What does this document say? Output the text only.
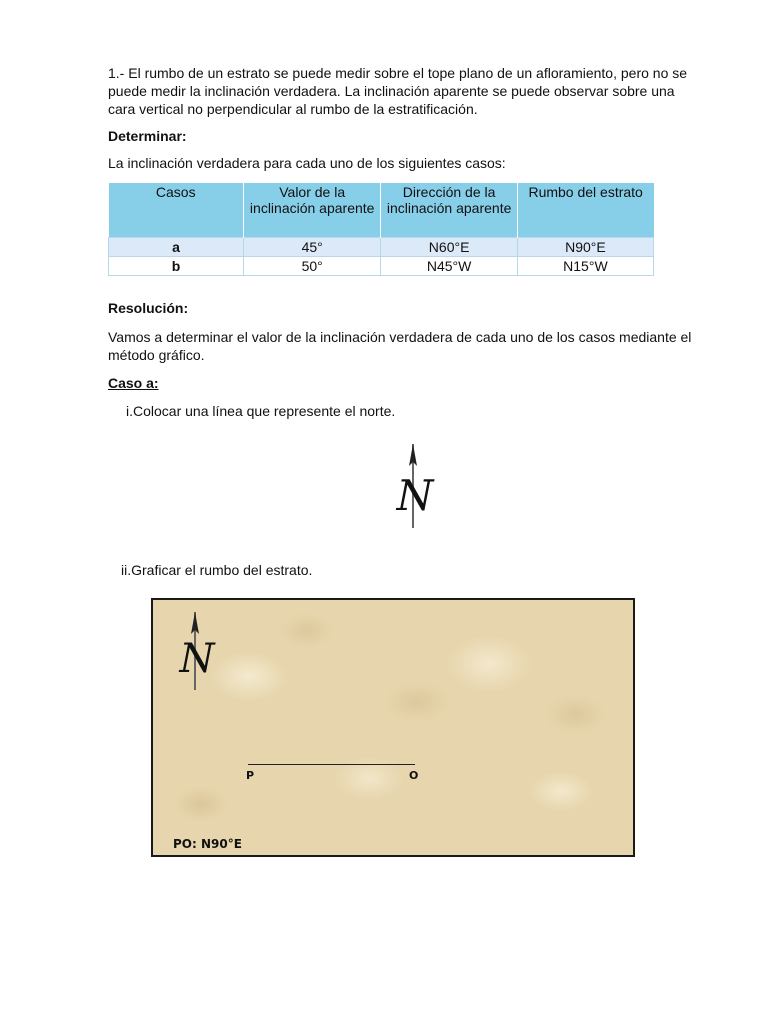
1.- El rumbo de un estrato se puede medir sobre el tope plano de un afloramiento, pero no se puede medir la inclinación verdadera. La inclinación aparente se puede observar sobre una cara vertical no perpendicular al rumbo de la estratificación.
Determinar:
La inclinación verdadera para cada uno de los siguientes casos:
Casos	Valor de la inclinación aparente	Dirección de la inclinación aparente	Rumbo del estrato
a	45°	N60°E	N90°E
b	50°	N45°W	N15°W
Resolución:
Vamos a determinar el valor de la inclinación verdadera de cada uno de los casos mediante el método gráfico.
Caso a:
i.Colocar una línea que represente el norte.
N
ii.Graficar el rumbo del estrato.
N
P	O
PO: N90°E
